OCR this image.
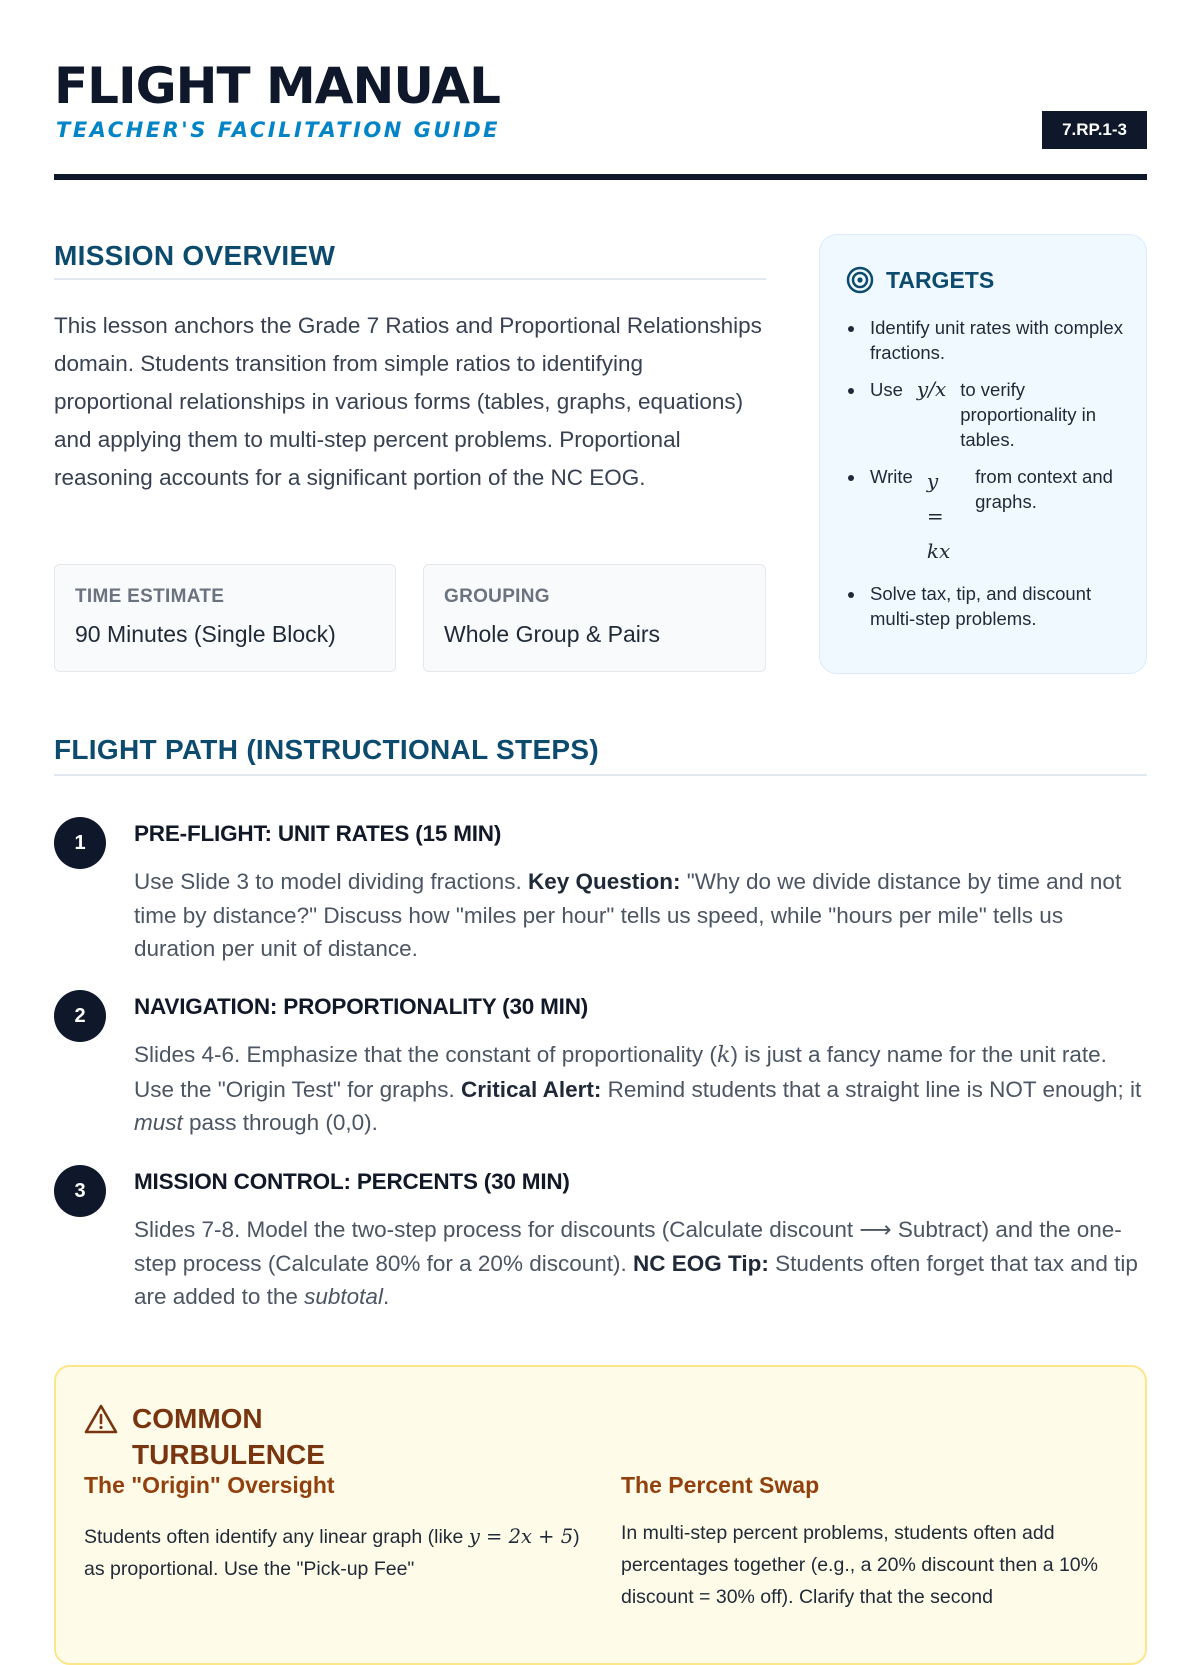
FLIGHT MANUAL
TEACHER'S FACILITATION GUIDE	7.RP.1-3
MISSION OVERVIEW

This lesson anchors the Grade 7 Ratios and Proportional Relationships domain. Students transition from simple ratios to identifying proportional relationships in various forms (tables, graphs, equations) and applying them to multi-step percent problems. Proportional reasoning accounts for a significant portion of the NC EOG.

TIME ESTIMATE
90 Minutes (Single Block)
GROUPING
Whole Group & Pairs
TARGETS
Identify unit rates with complex fractions.
Use y/x to verify proportionality in tables.
Write y
= kx
from context and graphs.
Solve tax, tip, and discount multi-step problems.
FLIGHT PATH (INSTRUCTIONAL STEPS)
1	PRE-FLIGHT: UNIT RATES (15 MIN)

Use Slide 3 to model dividing fractions. Key Question: "Why do we divide distance by time and not time by distance?" Discuss how "miles per hour" tells us speed, while "hours per mile" tells us duration per unit of distance.

2	NAVIGATION: PROPORTIONALITY (30 MIN)

Slides 4-6. Emphasize that the constant of proportionality (k) is just a fancy name for the unit rate. Use the "Origin Test" for graphs. Critical Alert: Remind students that a straight line is NOT enough; it must pass through (0,0).

3	MISSION CONTROL: PERCENTS (30 MIN)

Slides 7-8. Model the two-step process for discounts (Calculate discount ⟶ Subtract) and the one-step process (Calculate 80% for a 20% discount). NC EOG Tip: Students often forget that tax and tip are added to the subtotal.

COMMON TURBULENCE
The "Origin" Oversight

Students often identify any linear graph (like y = 2x + 5) as proportional. Use the "Pick-up Fee"

The Percent Swap

In multi-step percent problems, students often add percentages together (e.g., a 20% discount then a 10% discount = 30% off). Clarify that the second
